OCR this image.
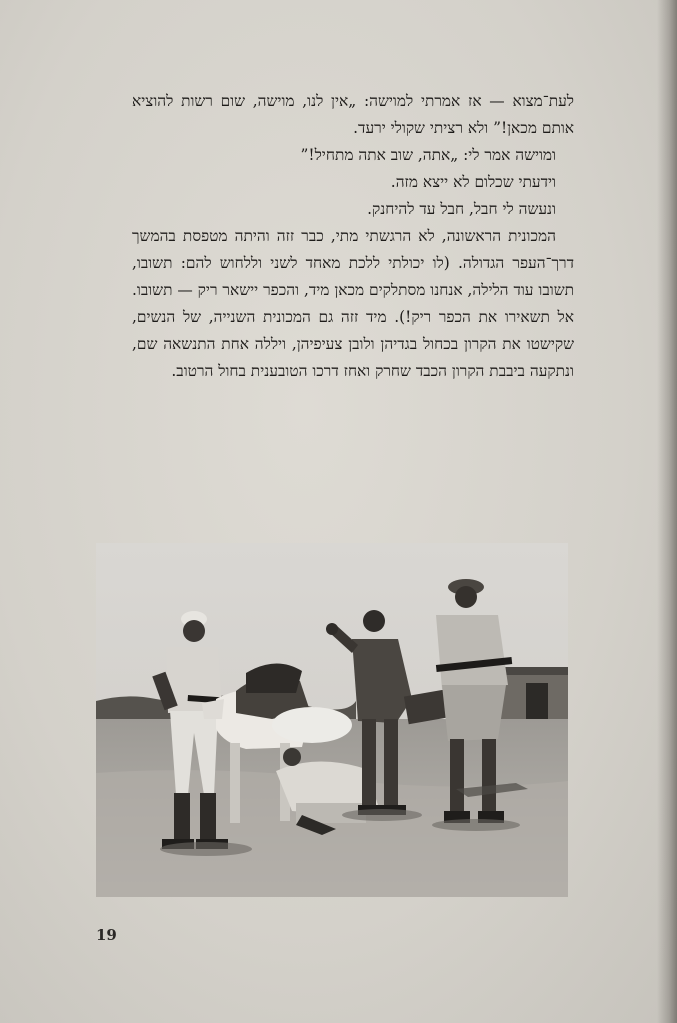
לעת־מצוא — אז אמרתי למוישה: „אין לנו, מוישה, שום רשות להוציא אותם מכאן!” ולא רציתי שקולי ירעד.

ומוישה אמר לי: „אתה, שוב אתה מתחיל!”

וידעתי שכלום לא ייצא מזה.

ונעשה לי חבל, חבל עד להיחנק.

המכונית הראשונה, לא הרגשתי מתי, כבר זזה והיתה מטפסת בהמשך דרך־העפר הגדולה. (לו יכולתי ללכת מאחד לשני וללחוש להם: תשובו, תשובו עוד הלילה, אנחנו מסתלקים מכאן מיד, והכפר יישאר ריק — תשובו. אל תשאירו את הכפר ריק!). מיד זזה גם המכונית השנייה, של הנשים, שקישטו את הקרון בכחול בגדיהן ולובן צעיפיהן, ויללה אחת התנשאה שם, ונתקעה ביבבת הקרון הכבד שחרק ואחז דרכו הטובענית בחול הרטוב.

19
